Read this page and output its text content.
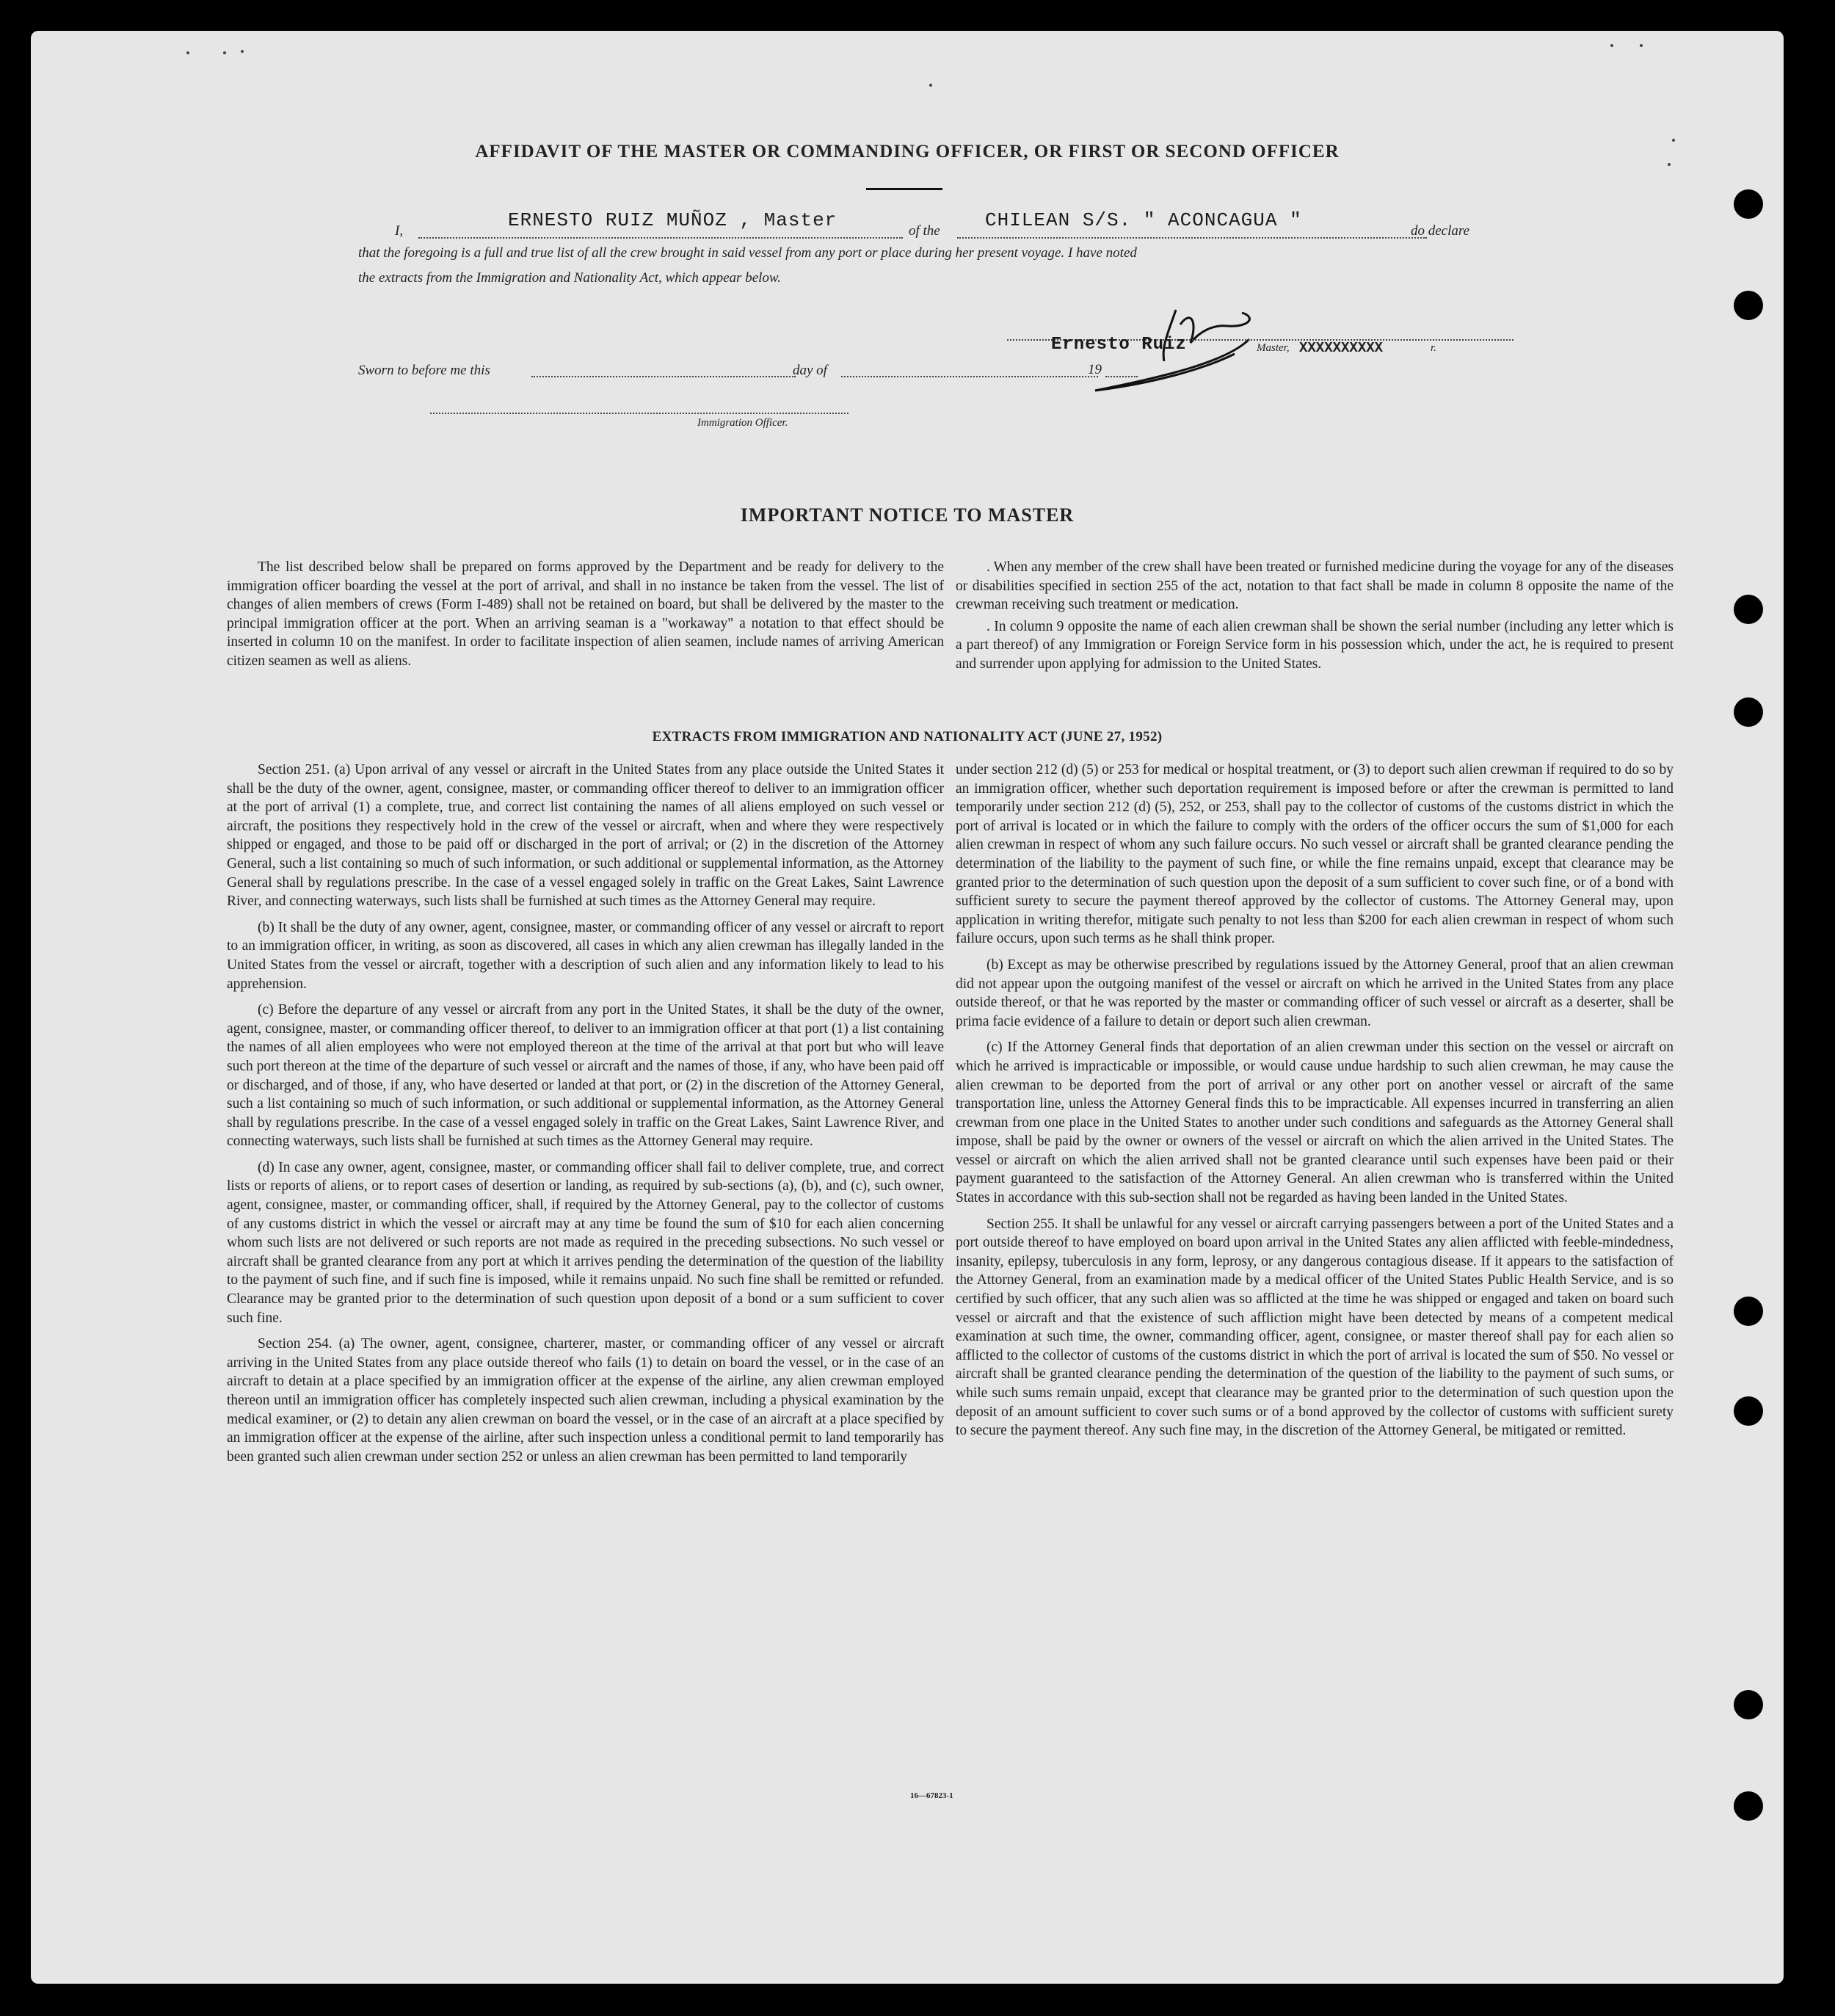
AFFIDAVIT OF THE MASTER OR COMMANDING OFFICER, OR FIRST OR SECOND OFFICER
I,	ERNESTO RUIZ MUÑOZ , Master	of the CHILEAN S/S. " ACONCAGUA "	do declare
that the foregoing is a full and true list of all the crew brought in said vessel from any port or place during her present voyage. I have noted
the extracts from the Immigration and Nationality Act, which appear below.
Ernesto Ruiz	Master, XXXXXXXXXX	r.
Sworn to before me this	day of	19
Immigration Officer.
IMPORTANT NOTICE TO MASTER

The list described below shall be prepared on forms approved by the Department and be ready for delivery to the immigration officer boarding the vessel at the port of arrival, and shall in no instance be taken from the vessel. The list of changes of alien members of crews (Form I-489) shall not be retained on board, but shall be delivered by the master to the principal immigration officer at the port. When an arriving seaman is a "workaway" a notation to that effect should be inserted in column 10 on the manifest. In order to facilitate inspection of alien seamen, include names of arriving American citizen seamen as well as aliens.

. When any member of the crew shall have been treated or furnished medicine during the voyage for any of the diseases or disabilities specified in section 255 of the act, notation to that fact shall be made in column 8 opposite the name of the crewman receiving such treatment or medication.

. In column 9 opposite the name of each alien crewman shall be shown the serial number (including any letter which is a part thereof) of any Immigration or Foreign Service form in his possession which, under the act, he is required to present and surrender upon applying for admission to the United States.

EXTRACTS FROM IMMIGRATION AND NATIONALITY ACT (JUNE 27, 1952)

Section 251. (a) Upon arrival of any vessel or aircraft in the United States from any place outside the United States it shall be the duty of the owner, agent, consignee, master, or commanding officer thereof to deliver to an immigration officer at the port of arrival (1) a complete, true, and correct list containing the names of all aliens employed on such vessel or aircraft, the positions they respectively hold in the crew of the vessel or aircraft, when and where they were respectively shipped or engaged, and those to be paid off or discharged in the port of arrival; or (2) in the discretion of the Attorney General, such a list containing so much of such information, or such additional or supplemental information, as the Attorney General shall by regulations prescribe. In the case of a vessel engaged solely in traffic on the Great Lakes, Saint Lawrence River, and connecting waterways, such lists shall be furnished at such times as the Attorney General may require.

(b) It shall be the duty of any owner, agent, consignee, master, or commanding officer of any vessel or aircraft to report to an immigration officer, in writing, as soon as discovered, all cases in which any alien crewman has illegally landed in the United States from the vessel or aircraft, together with a description of such alien and any information likely to lead to his apprehension.

(c) Before the departure of any vessel or aircraft from any port in the United States, it shall be the duty of the owner, agent, consignee, master, or commanding officer thereof, to deliver to an immigration officer at that port (1) a list containing the names of all alien employees who were not employed thereon at the time of the arrival at that port but who will leave such port thereon at the time of the departure of such vessel or aircraft and the names of those, if any, who have been paid off or discharged, and of those, if any, who have deserted or landed at that port, or (2) in the discretion of the Attorney General, such a list containing so much of such information, or such additional or supplemental information, as the Attorney General shall by regulations prescribe. In the case of a vessel engaged solely in traffic on the Great Lakes, Saint Lawrence River, and connecting waterways, such lists shall be furnished at such times as the Attorney General may require.

(d) In case any owner, agent, consignee, master, or commanding officer shall fail to deliver complete, true, and correct lists or reports of aliens, or to report cases of desertion or landing, as required by sub-sections (a), (b), and (c), such owner, agent, consignee, master, or commanding officer, shall, if required by the Attorney General, pay to the collector of customs of any customs district in which the vessel or aircraft may at any time be found the sum of $10 for each alien concerning whom such lists are not delivered or such reports are not made as required in the preceding subsections. No such vessel or aircraft shall be granted clearance from any port at which it arrives pending the determination of the question of the liability to the payment of such fine, and if such fine is imposed, while it remains unpaid. No such fine shall be remitted or refunded. Clearance may be granted prior to the determination of such question upon deposit of a bond or a sum sufficient to cover such fine.

Section 254. (a) The owner, agent, consignee, charterer, master, or commanding officer of any vessel or aircraft arriving in the United States from any place outside thereof who fails (1) to detain on board the vessel, or in the case of an aircraft to detain at a place specified by an immigration officer at the expense of the airline, any alien crewman employed thereon until an immigration officer has completely inspected such alien crewman, including a physical examination by the medical examiner, or (2) to detain any alien crewman on board the vessel, or in the case of an aircraft at a place specified by an immigration officer at the expense of the airline, after such inspection unless a conditional permit to land temporarily has been granted such alien crewman under section 252 or unless an alien crewman has been permitted to land temporarily

under section 212 (d) (5) or 253 for medical or hospital treatment, or (3) to deport such alien crewman if required to do so by an immigration officer, whether such deportation requirement is imposed before or after the crewman is permitted to land temporarily under section 212 (d) (5), 252, or 253, shall pay to the collector of customs of the customs district in which the port of arrival is located or in which the failure to comply with the orders of the officer occurs the sum of $1,000 for each alien crewman in respect of whom any such failure occurs. No such vessel or aircraft shall be granted clearance pending the determination of the liability to the payment of such fine, or while the fine remains unpaid, except that clearance may be granted prior to the determination of such question upon the deposit of a sum sufficient to cover such fine, or of a bond with sufficient surety to secure the payment thereof approved by the collector of customs. The Attorney General may, upon application in writing therefor, mitigate such penalty to not less than $200 for each alien crewman in respect of whom such failure occurs, upon such terms as he shall think proper.

(b) Except as may be otherwise prescribed by regulations issued by the Attorney General, proof that an alien crewman did not appear upon the outgoing manifest of the vessel or aircraft on which he arrived in the United States from any place outside thereof, or that he was reported by the master or commanding officer of such vessel or aircraft as a deserter, shall be prima facie evidence of a failure to detain or deport such alien crewman.

(c) If the Attorney General finds that deportation of an alien crewman under this section on the vessel or aircraft on which he arrived is impracticable or impossible, or would cause undue hardship to such alien crewman, he may cause the alien crewman to be deported from the port of arrival or any other port on another vessel or aircraft of the same transportation line, unless the Attorney General finds this to be impracticable. All expenses incurred in transferring an alien crewman from one place in the United States to another under such conditions and safeguards as the Attorney General shall impose, shall be paid by the owner or owners of the vessel or aircraft on which the alien arrived in the United States. The vessel or aircraft on which the alien arrived shall not be granted clearance until such expenses have been paid or their payment guaranteed to the satisfaction of the Attorney General. An alien crewman who is transferred within the United States in accordance with this sub-section shall not be regarded as having been landed in the United States.

Section 255. It shall be unlawful for any vessel or aircraft carrying passengers between a port of the United States and a port outside thereof to have employed on board upon arrival in the United States any alien afflicted with feeble-mindedness, insanity, epilepsy, tuberculosis in any form, leprosy, or any dangerous contagious disease. If it appears to the satisfaction of the Attorney General, from an examination made by a medical officer of the United States Public Health Service, and is so certified by such officer, that any such alien was so afflicted at the time he was shipped or engaged and taken on board such vessel or aircraft and that the existence of such affliction might have been detected by means of a competent medical examination at such time, the owner, commanding officer, agent, consignee, or master thereof shall pay for each alien so afflicted to the collector of customs of the customs district in which the port of arrival is located the sum of $50. No vessel or aircraft shall be granted clearance pending the determination of the question of the liability to the payment of such sums, or while such sums remain unpaid, except that clearance may be granted prior to the determination of such question upon the deposit of an amount sufficient to cover such sums or of a bond approved by the collector of customs with sufficient surety to secure the payment thereof. Any such fine may, in the discretion of the Attorney General, be mitigated or remitted.

16—67823-1
